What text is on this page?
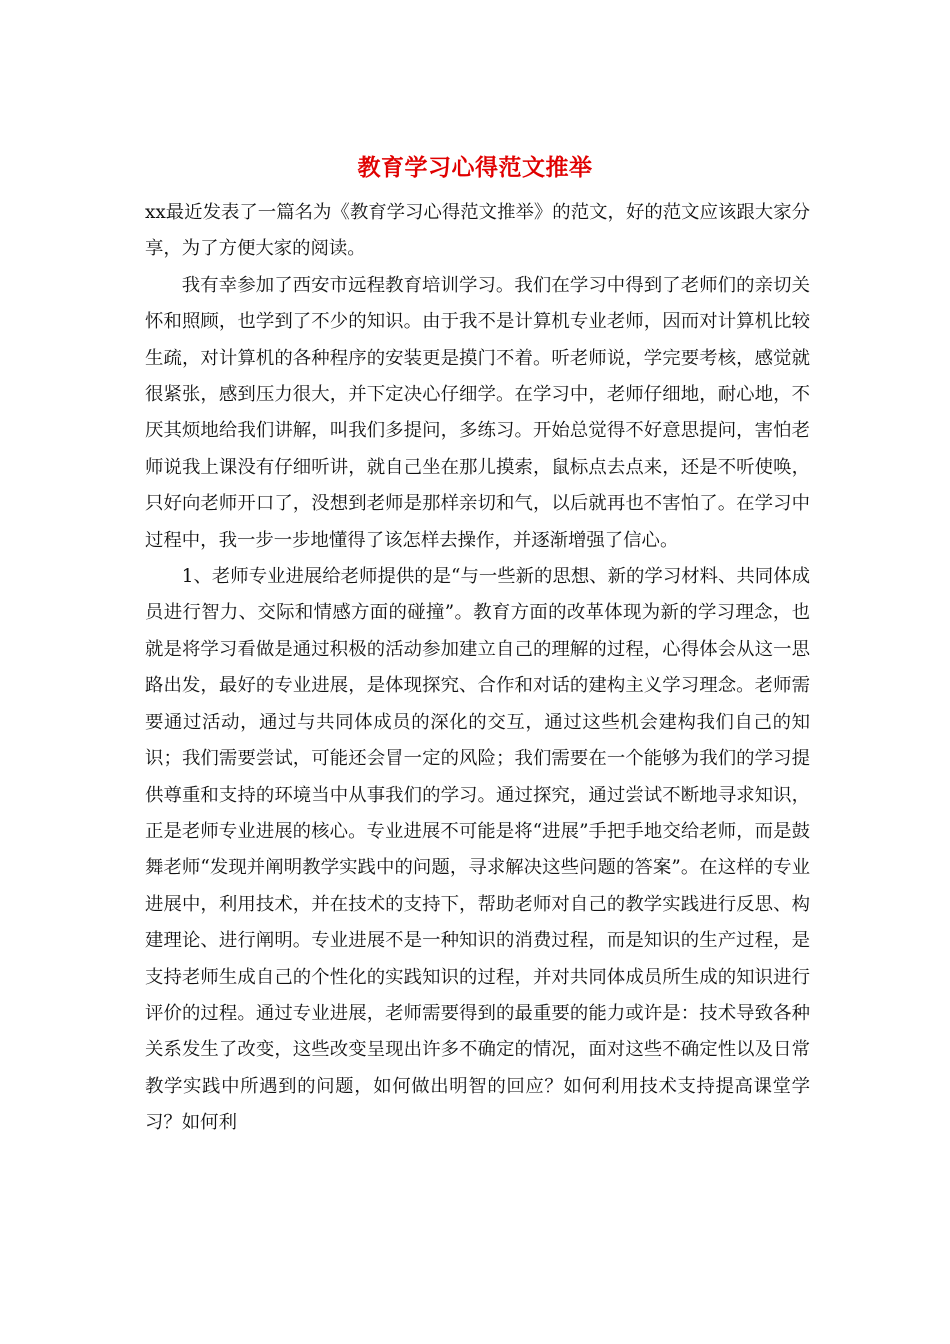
教育学习心得范文推举

xx最近发表了一篇名为《教育学习心得范文推举》的范文，好的范文应该跟大家分享，为了方便大家的阅读。

我有幸参加了西安市远程教育培训学习。我们在学习中得到了老师们的亲切关怀和照顾，也学到了不少的知识。由于我不是计算机专业老师，因而对计算机比较生疏，对计算机的各种程序的安装更是摸门不着。听老师说，学完要考核，感觉就很紧张，感到压力很大，并下定决心仔细学。在学习中，老师仔细地，耐心地，不厌其烦地给我们讲解，叫我们多提问，多练习。开始总觉得不好意思提问，害怕老师说我上课没有仔细听讲，就自己坐在那儿摸索，鼠标点去点来，还是不听使唤，只好向老师开口了，没想到老师是那样亲切和气，以后就再也不害怕了。在学习中过程中，我一步一步地懂得了该怎样去操作，并逐渐增强了信心。

1、老师专业进展给老师提供的是“与一些新的思想、新的学习材料、共同体成员进行智力、交际和情感方面的碰撞”。教育方面的改革体现为新的学习理念，也就是将学习看做是通过积极的活动参加建立自己的理解的过程，心得体会从这一思路出发，最好的专业进展，是体现探究、合作和对话的建构主义学习理念。老师需要通过活动，通过与共同体成员的深化的交互，通过这些机会建构我们自己的知识；我们需要尝试，可能还会冒一定的风险；我们需要在一个能够为我们的学习提供尊重和支持的环境当中从事我们的学习。通过探究，通过尝试不断地寻求知识，正是老师专业进展的核心。专业进展不可能是将“进展”手把手地交给老师，而是鼓舞老师“发现并阐明教学实践中的问题，寻求解决这些问题的答案”。在这样的专业进展中，利用技术，并在技术的支持下，帮助老师对自己的教学实践进行反思、构建理论、进行阐明。专业进展不是一种知识的消费过程，而是知识的生产过程，是支持老师生成自己的个性化的实践知识的过程，并对共同体成员所生成的知识进行评价的过程。通过专业进展，老师需要得到的最重要的能力或许是：技术导致各种关系发生了改变，这些改变呈现出许多不确定的情况，面对这些不确定性以及日常教学实践中所遇到的问题，如何做出明智的回应？如何利用技术支持提高课堂学习？如何利
